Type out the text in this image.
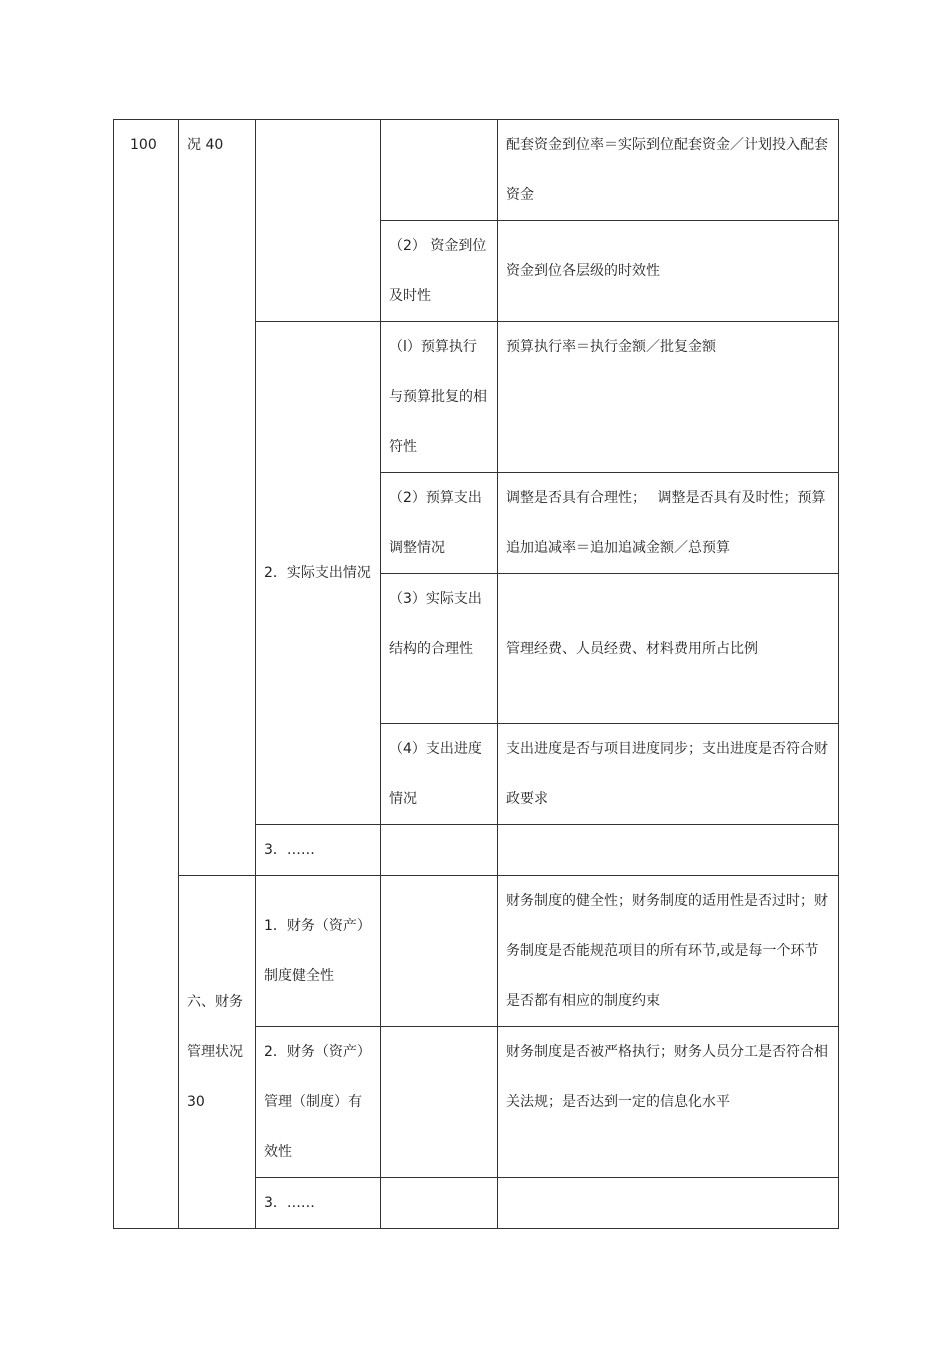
100	况 40			配套资金到位率＝实际到位配套资金／计划投入配套资金
			（2） 资金到位及时性	资金到位各层级的时效性
		2．实际支出情况	（l）预算执行与预算批复的相符性	预算执行率＝执行金额／批复金额
			（2）预算支出调整情况	调整是否具有合理性；　 调整是否具有及时性；预算追加追减率＝追加追减金额／总预算
			（3）实际支出结构的合理性	管理经费、人员经费、材料费用所占比例
			（4）支出进度情况	支出进度是否与项目进度同步；支出进度是否符合财政要求
		3．……		
	六、财务管理状况 30	1．财务（资产）制度健全性		财务制度的健全性；财务制度的适用性是否过时；财务制度是否能规范项目的所有环节,或是每一个环节是否都有相应的制度约束
		2．财务（资产）管理（制度）有效性		财务制度是否被严格执行；财务人员分工是否符合相关法规；是否达到一定的信息化水平
		3．……		
